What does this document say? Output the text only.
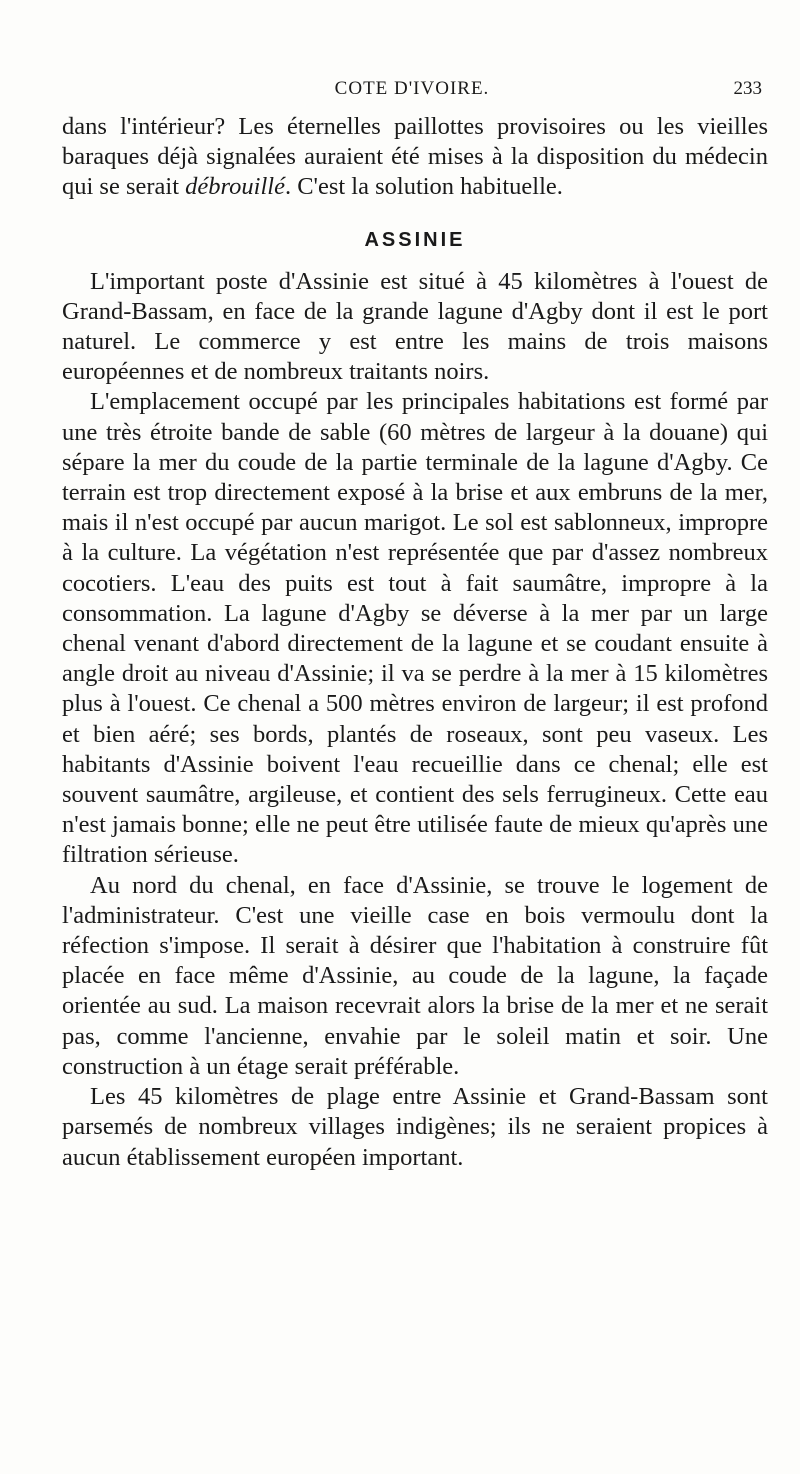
COTE D'IVOIRE.	233

dans l'intérieur? Les éternelles paillottes provisoires ou les vieilles baraques déjà signalées auraient été mises à la disposition du médecin qui se serait débrouillé. C'est la solution habituelle.

ASSINIE

L'important poste d'Assinie est situé à 45 kilomètres à l'ouest de Grand-Bassam, en face de la grande lagune d'Agby dont il est le port naturel. Le commerce y est entre les mains de trois maisons européennes et de nombreux traitants noirs.

L'emplacement occupé par les principales habitations est formé par une très étroite bande de sable (60 mètres de largeur à la douane) qui sépare la mer du coude de la partie terminale de la lagune d'Agby. Ce terrain est trop directement exposé à la brise et aux embruns de la mer, mais il n'est occupé par aucun marigot. Le sol est sablonneux, impropre à la culture. La végétation n'est représentée que par d'assez nombreux cocotiers. L'eau des puits est tout à fait saumâtre, impropre à la consommation. La lagune d'Agby se déverse à la mer par un large chenal venant d'abord directement de la lagune et se coudant ensuite à angle droit au niveau d'Assinie; il va se perdre à la mer à 15 kilomètres plus à l'ouest. Ce chenal a 500 mètres environ de largeur; il est profond et bien aéré; ses bords, plantés de roseaux, sont peu vaseux. Les habitants d'Assinie boivent l'eau recueillie dans ce chenal; elle est souvent saumâtre, argileuse, et contient des sels ferrugineux. Cette eau n'est jamais bonne; elle ne peut être utilisée faute de mieux qu'après une filtration sérieuse.

Au nord du chenal, en face d'Assinie, se trouve le logement de l'administrateur. C'est une vieille case en bois vermoulu dont la réfection s'impose. Il serait à désirer que l'habitation à construire fût placée en face même d'Assinie, au coude de la lagune, la façade orientée au sud. La maison recevrait alors la brise de la mer et ne serait pas, comme l'ancienne, envahie par le soleil matin et soir. Une construction à un étage serait préférable.

Les 45 kilomètres de plage entre Assinie et Grand-Bassam sont parsemés de nombreux villages indigènes; ils ne seraient propices à aucun établissement européen important.
